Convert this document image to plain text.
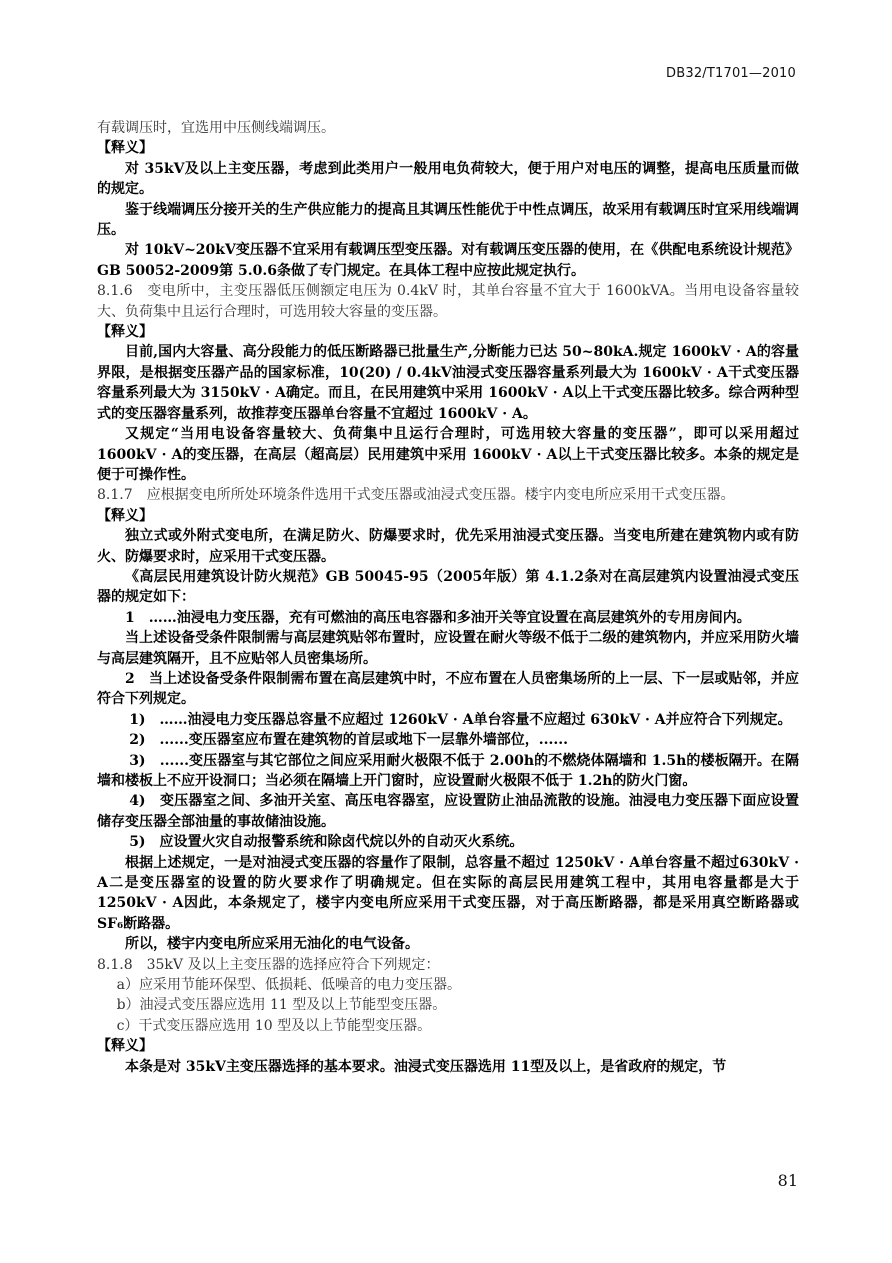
DB32/T1701—2010

有载调压时，宜选用中压侧线端调压。

【释义】

对 35kV及以上主变压器，考虑到此类用户一般用电负荷较大，便于用户对电压的调整，提高电压质量而做的规定。

鉴于线端调压分接开关的生产供应能力的提高且其调压性能优于中性点调压，故采用有载调压时宜采用线端调压。

对 10kV~20kV变压器不宜采用有载调压型变压器。对有载调压变压器的使用，在《供配电系统设计规范》GB 50052-2009第 5.0.6条做了专门规定。在具体工程中应按此规定执行。

8.1.6　变电所中，主变压器低压侧额定电压为 0.4kV 时，其单台容量不宜大于 1600kVA。当用电设备容量较大、负荷集中且运行合理时，可选用较大容量的变压器。

【释义】

目前,国内大容量、高分段能力的低压断路器已批量生产,分断能力已达 50~80kA.规定 1600kV · A的容量界限，是根据变压器产品的国家标准，10(20) / 0.4kV油浸式变压器容量系列最大为 1600kV · A干式变压器容量系列最大为 3150kV · A确定。而且，在民用建筑中采用 1600kV · A以上干式变压器比较多。综合两种型式的变压器容量系列，故推荐变压器单台容量不宜超过 1600kV · A。

又规定“当用电设备容量较大、负荷集中且运行合理时，可选用较大容量的变压器”，即可以采用超过 1600kV · A的变压器，在高层（超高层）民用建筑中采用 1600kV · A以上干式变压器比较多。本条的规定是便于可操作性。

8.1.7　应根据变电所所处环境条件选用干式变压器或油浸式变压器。楼宇内变电所应采用干式变压器。

【释义】

独立式或外附式变电所，在满足防火、防爆要求时，优先采用油浸式变压器。当变电所建在建筑物内或有防火、防爆要求时，应采用干式变压器。

《高层民用建筑设计防火规范》GB 50045-95（2005年版）第 4.1.2条对在高层建筑内设置油浸式变压器的规定如下：

1　……油浸电力变压器，充有可燃油的高压电容器和多油开关等宜设置在高层建筑外的专用房间内。

当上述设备受条件限制需与高层建筑贴邻布置时，应设置在耐火等级不低于二级的建筑物内，并应采用防火墙与高层建筑隔开，且不应贴邻人员密集场所。

2　当上述设备受条件限制需布置在高层建筑中时，不应布置在人员密集场所的上一层、下一层或贴邻，并应符合下列规定。

1)　……油浸电力变压器总容量不应超过 1260kV · A单台容量不应超过 630kV · A并应符合下列规定。

2)　......变压器室应布置在建筑物的首层或地下一层靠外墙部位，......

3)　......变压器室与其它部位之间应采用耐火极限不低于 2.00h的不燃烧体隔墙和 1.5h的楼板隔开。在隔墙和楼板上不应开设洞口；当必须在隔墙上开门窗时，应设置耐火极限不低于 1.2h的防火门窗。

4)　变压器室之间、多油开关室、高压电容器室，应设置防止油品流散的设施。油浸电力变压器下面应设置储存变压器全部油量的事故储油设施。

5)　应设置火灾自动报警系统和除卤代烷以外的自动灭火系统。

根据上述规定，一是对油浸式变压器的容量作了限制，总容量不超过 1250kV · A单台容量不超过630kV · A二是变压器室的设置的防火要求作了明确规定。但在实际的高层民用建筑工程中，其用电容量都是大于 1250kV · A因此，本条规定了，楼宇内变电所应采用干式变压器，对于高压断路器，都是采用真空断路器或 SF₆断路器。

所以，楼宇内变电所应采用无油化的电气设备。

8.1.8　35kV 及以上主变压器的选择应符合下列规定：

a）应采用节能环保型、低损耗、低噪音的电力变压器。

b）油浸式变压器应选用 11 型及以上节能型变压器。

c）干式变压器应选用 10 型及以上节能型变压器。

【释义】

本条是对 35kV主变压器选择的基本要求。油浸式变压器选用 11型及以上，是省政府的规定，节

81
